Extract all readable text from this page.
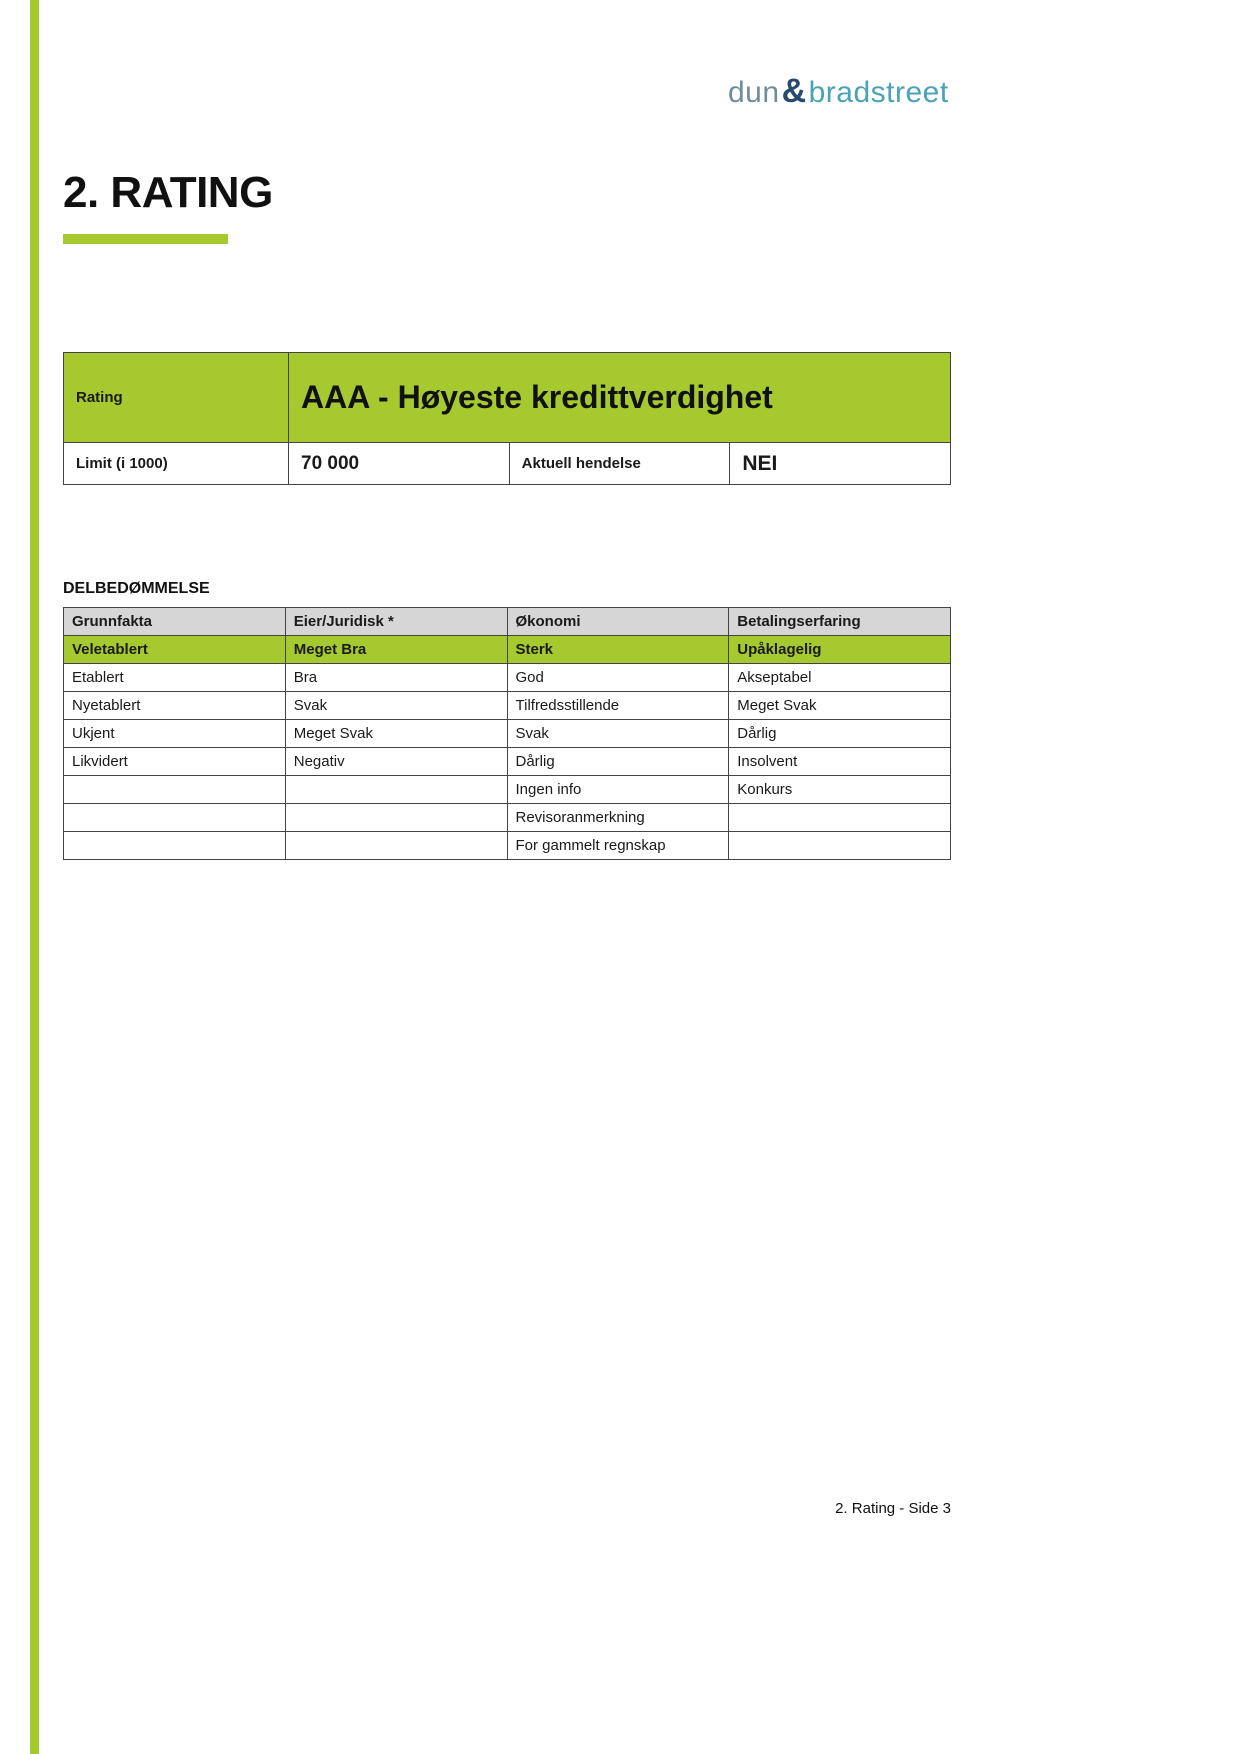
dun&bradstreet
2. RATING
Rating	AAA - Høyeste kredittverdighet		
Limit (i 1000)	70 000	Aktuell hendelse	NEI
DELBEDØMMELSE
Grunnfakta	Eier/Juridisk *	Økonomi	Betalingserfaring
Veletablert	Meget Bra	Sterk	Upåklagelig
Etablert	Bra	God	Akseptabel
Nyetablert	Svak	Tilfredsstillende	Meget Svak
Ukjent	Meget Svak	Svak	Dårlig
Likvidert	Negativ	Dårlig	Insolvent
		Ingen info	Konkurs
		Revisoranmerkning	
		For gammelt regnskap	
2. Rating - Side 3
